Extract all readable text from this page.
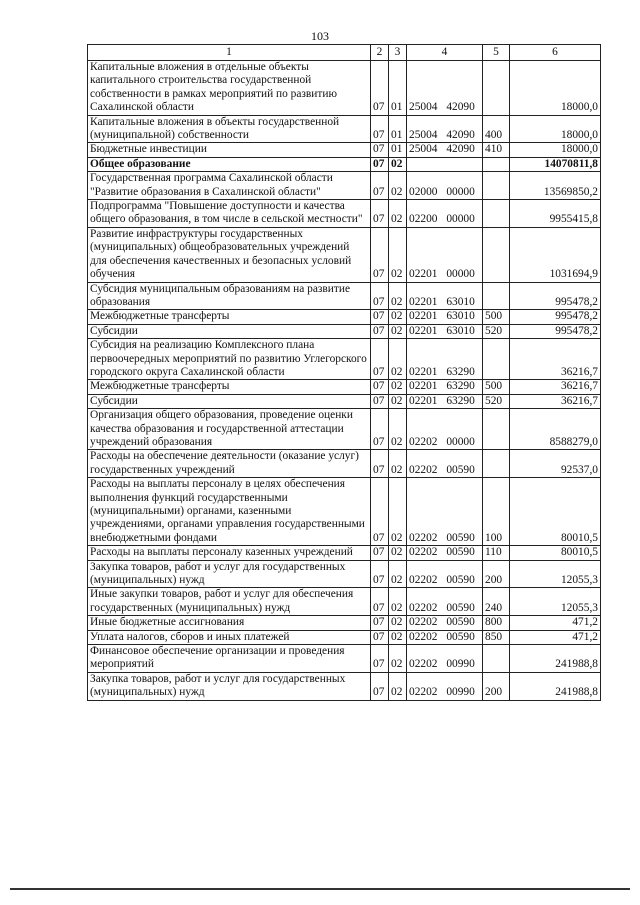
103
1	2	3	4	5	6
Капитальные вложения в отдельные объекты капитального строительства государственной собственности в рамках мероприятий по развитию Сахалинской области	07	01	25004 42090		18000,0
Капитальные вложения в объекты государственной (муниципальной) собственности	07	01	25004 42090	400	18000,0
Бюджетные инвестиции	07	01	25004 42090	410	18000,0
Общее образование	07	02			14070811,8
Государственная программа Сахалинской области "Развитие образования в Сахалинской области"	07	02	02000 00000		13569850,2
Подпрограмма "Повышение доступности и качества общего образования, в том числе в сельской местности"	07	02	02200 00000		9955415,8
Развитие инфраструктуры государственных (муниципальных) общеобразовательных учреждений для обеспечения качественных и безопасных условий обучения	07	02	02201 00000		1031694,9
Субсидия муниципальным образованиям на развитие образования	07	02	02201 63010		995478,2
Межбюджетные трансферты	07	02	02201 63010	500	995478,2
Субсидии	07	02	02201 63010	520	995478,2
Субсидия на реализацию Комплексного плана первоочередных мероприятий по развитию Углегорского городского округа Сахалинской области	07	02	02201 63290		36216,7
Межбюджетные трансферты	07	02	02201 63290	500	36216,7
Субсидии	07	02	02201 63290	520	36216,7
Организация общего образования, проведение оценки качества образования и государственной аттестации учреждений образования	07	02	02202 00000		8588279,0
Расходы на обеспечение деятельности (оказание услуг) государственных учреждений	07	02	02202 00590		92537,0
Расходы на выплаты персоналу в целях обеспечения выполнения функций государственными (муниципальными) органами, казенными учреждениями, органами управления государственными внебюджетными фондами	07	02	02202 00590	100	80010,5
Расходы на выплаты персоналу казенных учреждений	07	02	02202 00590	110	80010,5
Закупка товаров, работ и услуг для государственных (муниципальных) нужд	07	02	02202 00590	200	12055,3
Иные закупки товаров, работ и услуг для обеспечения государственных (муниципальных) нужд	07	02	02202 00590	240	12055,3
Иные бюджетные ассигнования	07	02	02202 00590	800	471,2
Уплата налогов, сборов и иных платежей	07	02	02202 00590	850	471,2
Финансовое обеспечение организации и проведения мероприятий	07	02	02202 00990		241988,8
Закупка товаров, работ и услуг для государственных (муниципальных) нужд	07	02	02202 00990	200	241988,8
